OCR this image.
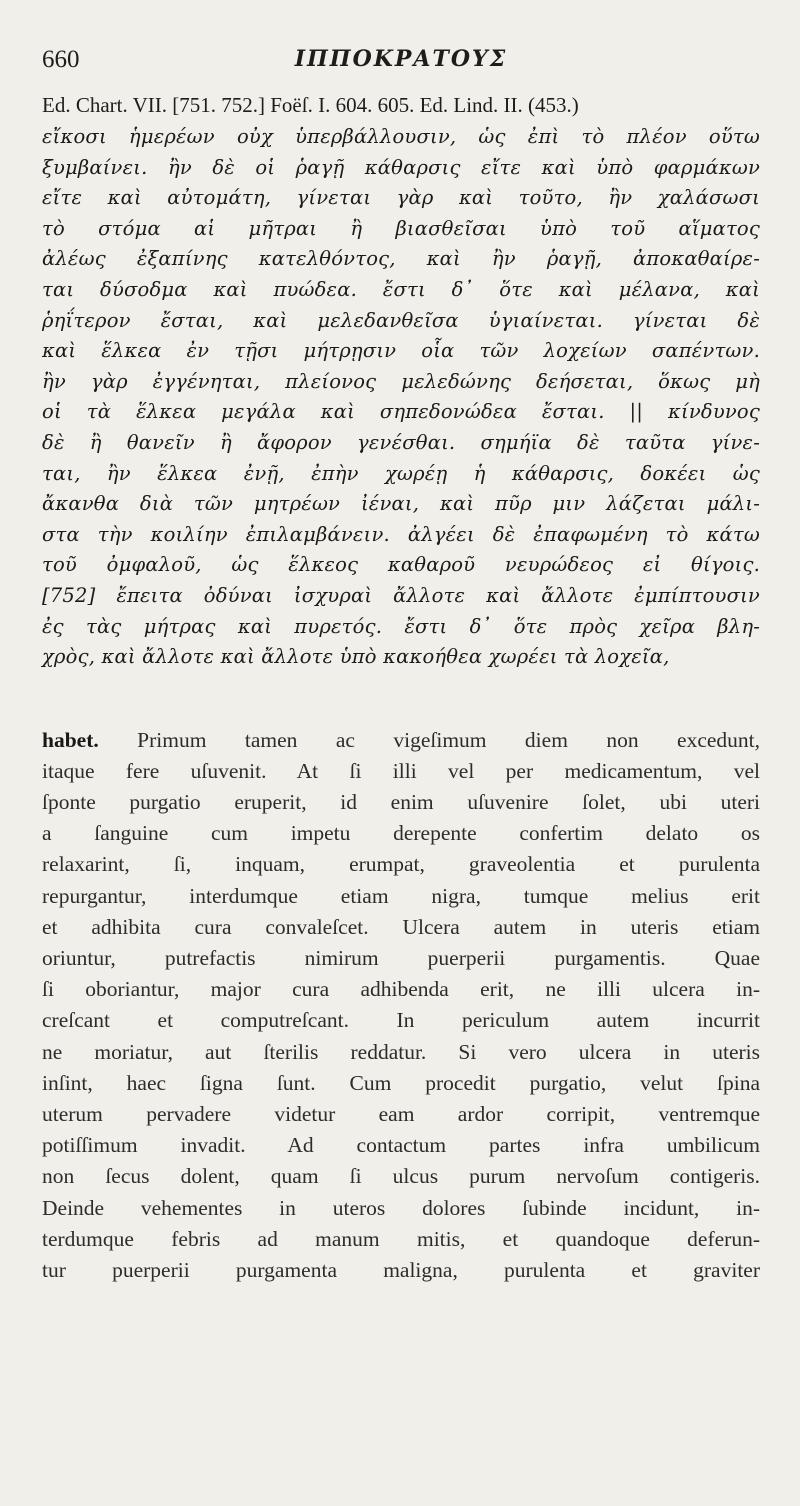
660	ΙΠΠΟΚΡΑΤΟΥΣ
Ed. Chart. VII. [751. 752.] Foëſ. I. 604. 605. Ed. Lind. II. (453.)
εἴκοσι ἡμερέων οὐχ ὑπερβάλλουσιν, ὡς ἐπὶ τὸ πλέον οὕτω
ξυμβαίνει. ἢν δὲ οἱ ῥαγῇ κάθαρσις εἴτε καὶ ὑπὸ φαρμάκων
εἴτε καὶ αὐτομάτη, γίνεται γὰρ καὶ τοῦτο, ἢν χαλάσωσι
τὸ στόμα αἱ μῆτραι ἢ βιασθεῖσαι ὑπὸ τοῦ αἵματος
ἀλέως ἐξαπίνης κατελθόντος, καὶ ἢν ῥαγῇ, ἀποκαθαίρε-
ται δύσοδμα καὶ πυώδεα. ἔστι δ᾽ ὅτε καὶ μέλανα, καὶ
ῥηΐτερον ἔσται, καὶ μελεδανθεῖσα ὑγιαίνεται. γίνεται δὲ
καὶ ἕλκεα ἐν τῇσι μήτρῃσιν οἷα τῶν λοχείων σαπέντων.
ἢν γὰρ ἐγγένηται, πλείονος μελεδώνης δεήσεται, ὅκως μὴ
οἱ τὰ ἕλκεα μεγάλα καὶ σηπεδονώδεα ἔσται. || κίνδυνος
δὲ ἢ θανεῖν ἢ ἄφορον γενέσθαι. σημήϊα δὲ ταῦτα γίνε-
ται, ἢν ἕλκεα ἐνῇ, ἐπὴν χωρέῃ ἡ κάθαρσις, δοκέει ὡς
ἄκανθα διὰ τῶν μητρέων ἰέναι, καὶ πῦρ μιν λάζεται μάλι-
στα τὴν κοιλίην ἐπιλαμβάνειν. ἀλγέει δὲ ἐπαφωμένη τὸ κάτω
τοῦ ὀμφαλοῦ, ὡς ἕλκεος καθαροῦ νευρώδεος εἰ θίγοις.
[752] ἔπειτα ὀδύναι ἰσχυραὶ ἄλλοτε καὶ ἄλλοτε ἐμπίπτουσιν
ἐς τὰς μήτρας καὶ πυρετός. ἔστι δ᾽ ὅτε πρὸς χεῖρα βλη-
χρὸς, καὶ ἄλλοτε καὶ ἄλλοτε ὑπὸ κακοήθεα χωρέει τὰ λοχεῖα,
habet. Primum tamen ac vigeſimum diem non excedunt,
itaque fere uſuvenit. At ſi illi vel per medicamentum, vel
ſponte purgatio eruperit, id enim uſuvenire ſolet, ubi uteri
a ſanguine cum impetu derepente confertim delato os
relaxarint, ſi, inquam, erumpat, graveolentia et purulenta
repurgantur, interdumque etiam nigra, tumque melius erit
et adhibita cura convaleſcet. Ulcera autem in uteris etiam
oriuntur, putrefactis nimirum puerperii purgamentis. Quae
ſi oboriantur, major cura adhibenda erit, ne illi ulcera in-
creſcant et computreſcant. In periculum autem incurrit
ne moriatur, aut ſterilis reddatur. Si vero ulcera in uteris
inſint, haec ſigna ſunt. Cum procedit purgatio, velut ſpina
uterum pervadere videtur eam ardor corripit, ventremque
potiſſimum invadit. Ad contactum partes infra umbilicum
non ſecus dolent, quam ſi ulcus purum nervoſum contigeris.
Deinde vehementes in uteros dolores ſubinde incidunt, in-
terdumque febris ad manum mitis, et quandoque deferun-
tur puerperii purgamenta maligna, purulenta et graviter
